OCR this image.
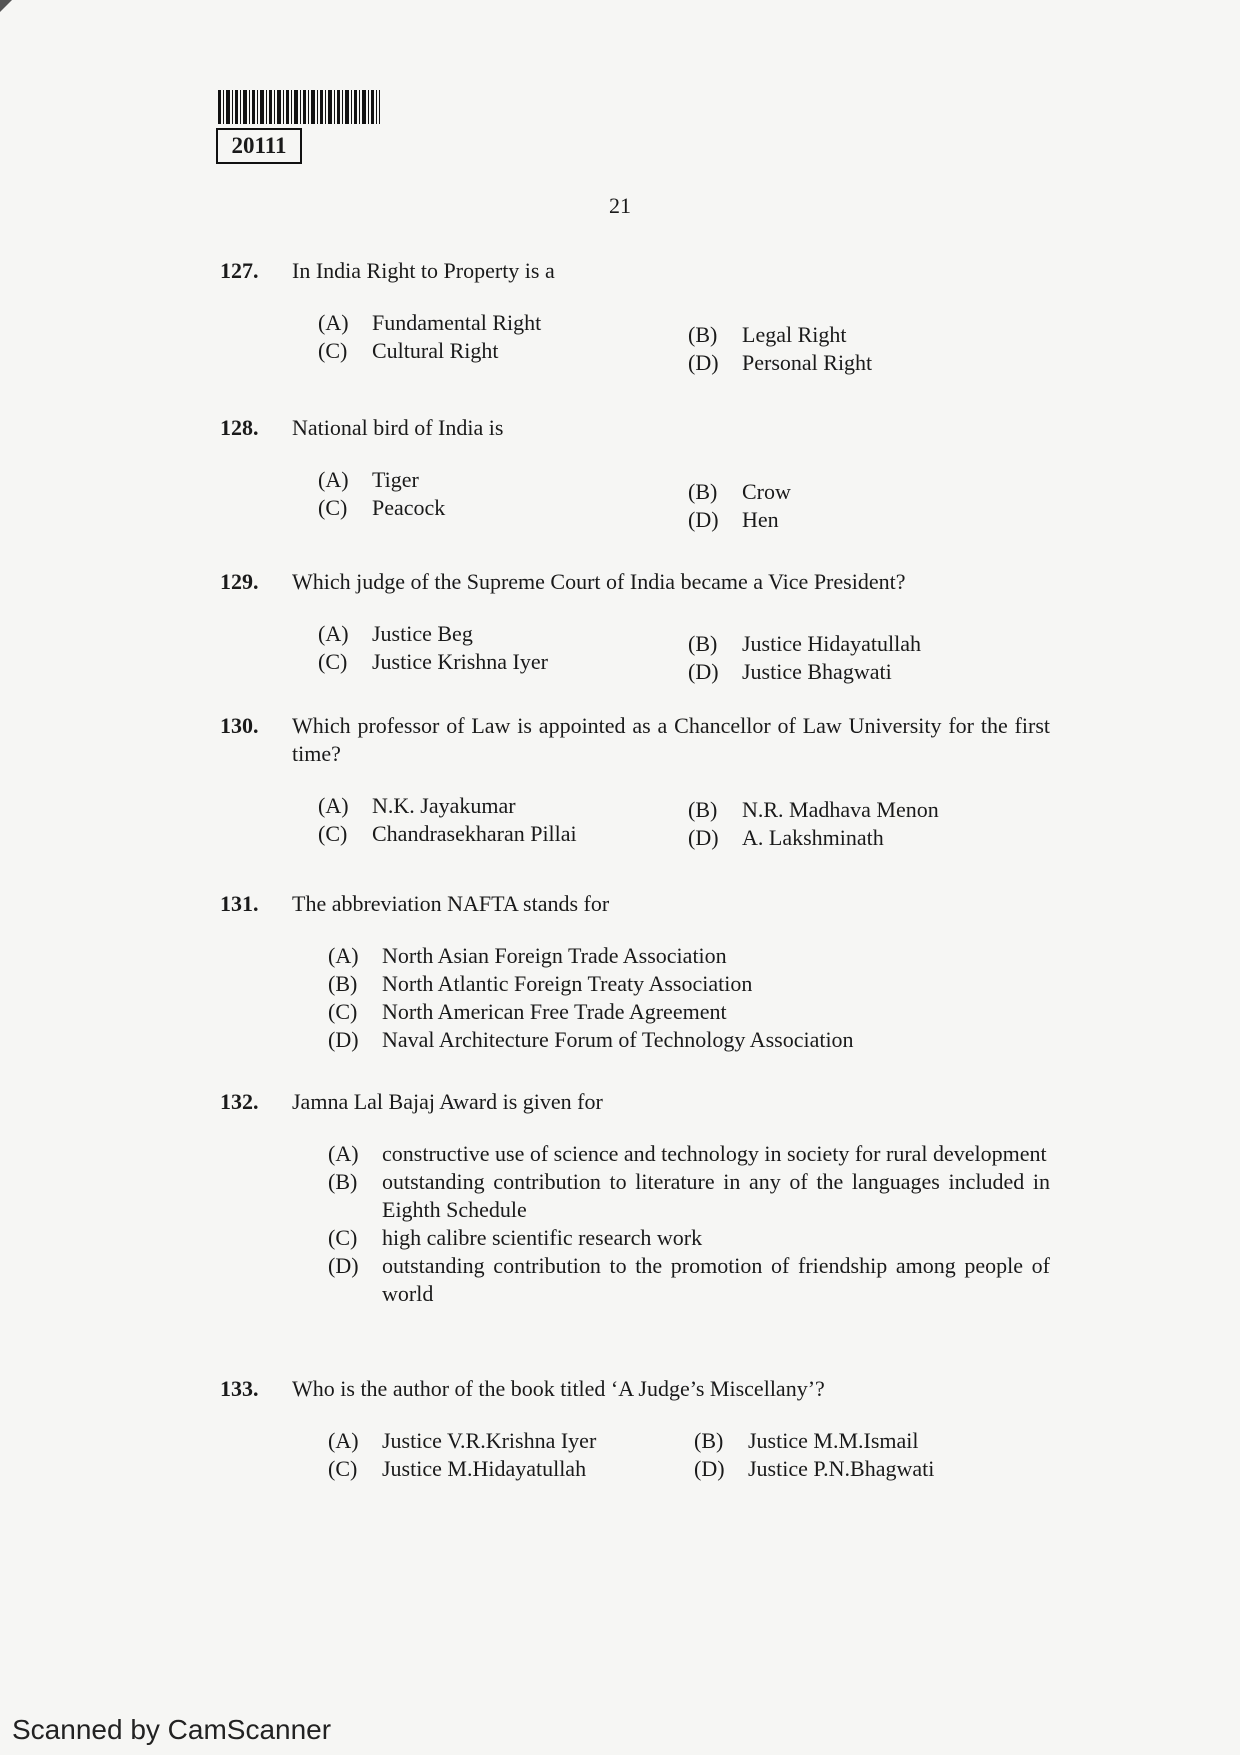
20111
21
127.	In India Right to Property is a
(A)	Fundamental Right	(B)	Legal Right
(C)	Cultural Right	(D)	Personal Right
128.	National bird of India is
(A)	Tiger	(B)	Crow
(C)	Peacock	(D)	Hen
129.	Which judge of the Supreme Court of India became a Vice President?
(A)	Justice Beg	(B)	Justice Hidayatullah
(C)	Justice Krishna Iyer	(D)	Justice Bhagwati
130.	Which professor of Law is appointed as a Chancellor of Law University for the first time?
(A)	N.K. Jayakumar	(B)	N.R. Madhava Menon
(C)	Chandrasekharan Pillai	(D)	A. Lakshminath
131.	The abbreviation NAFTA stands for
(A)	North Asian Foreign Trade Association
(B)	North Atlantic Foreign Treaty Association
(C)	North American Free Trade Agreement
(D)	Naval Architecture Forum of Technology Association
132.	Jamna Lal Bajaj Award is given for
(A)	constructive use of science and technology in society for rural development
(B)	outstanding contribution to literature in any of the languages included in Eighth Schedule
(C)	high calibre scientific research work
(D)	outstanding contribution to the promotion of friendship among people of world
133.	Who is the author of the book titled ‘A Judge’s Miscellany’?
(A)	Justice V.R.Krishna Iyer	(B)	Justice M.M.Ismail
(C)	Justice M.Hidayatullah	(D)	Justice P.N.Bhagwati
Scanned by CamScanner
